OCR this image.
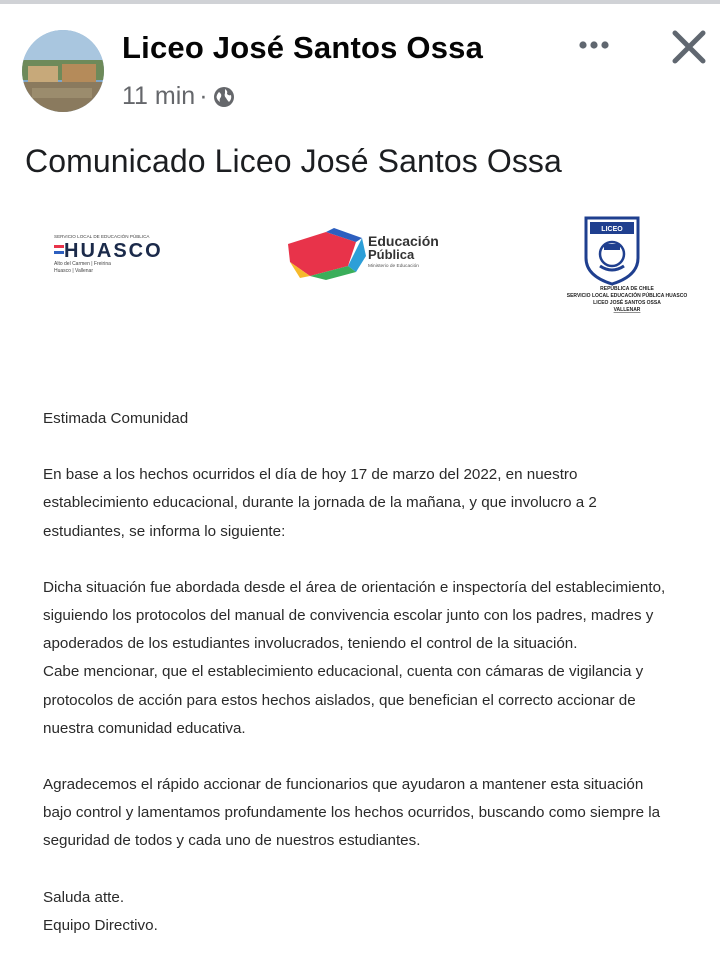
Liceo José Santos Ossa
11 min ·
Comunicado Liceo José Santos Ossa
SERVICIO LOCAL DE EDUCACIÓN PÚBLICA
HUASCO
Alto del Carmen | Freirina
Huasco | Vallenar
Educación
Pública
Ministerio de Educación
LICEO
REPÚBLICA DE CHILE
SERVICIO LOCAL EDUCACIÓN PÚBLICA HUASCO
LICEO JOSÉ SANTOS OSSA
VALLENAR

Estimada Comunidad

En base a los hechos ocurridos el día de hoy 17 de marzo del 2022, en nuestro

establecimiento educacional, durante la jornada de la mañana, y que involucro a 2

estudiantes, se informa lo siguiente:

Dicha situación fue abordada desde el área de orientación e inspectoría del establecimiento,

siguiendo los protocolos del manual de convivencia escolar junto con los padres, madres y

apoderados de los estudiantes involucrados, teniendo el control de la situación.

Cabe mencionar, que el establecimiento educacional, cuenta con cámaras de vigilancia y

protocolos de acción para estos hechos aislados, que benefician el correcto accionar de

nuestra comunidad educativa.

Agradecemos el rápido accionar de funcionarios que ayudaron a mantener esta situación

bajo control y lamentamos profundamente los hechos ocurridos, buscando como siempre la

seguridad de todos y cada uno de nuestros estudiantes.

Saluda atte.

Equipo Directivo.
